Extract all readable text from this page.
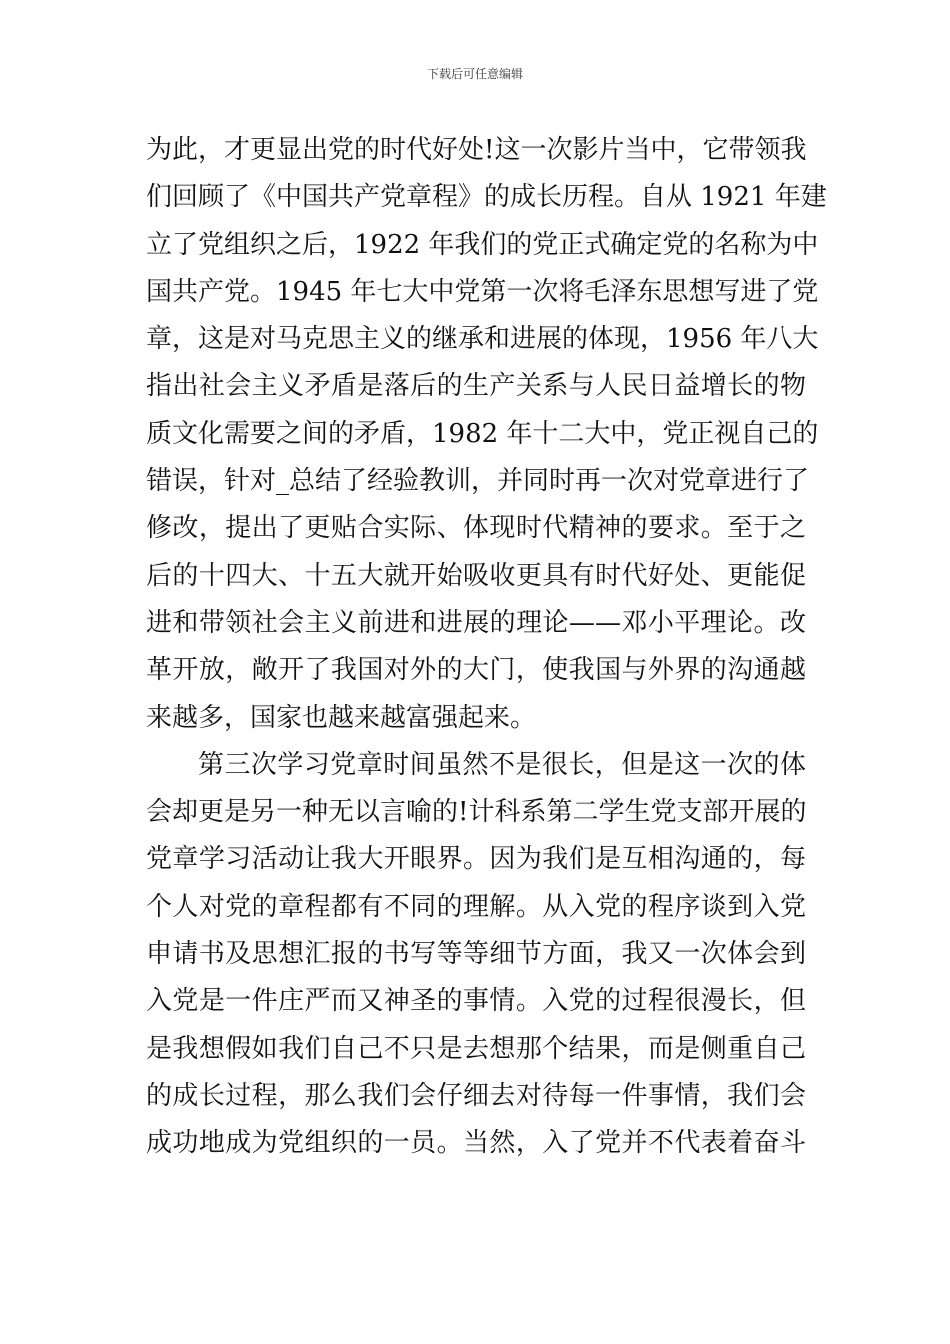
下载后可任意编辑
为此，才更显出党的时代好处!这一次影片当中，它带领我
们回顾了《中国共产党章程》的成长历程。自从 1921 年建
立了党组织之后，1922 年我们的党正式确定党的名称为中
国共产党。1945 年七大中党第一次将毛泽东思想写进了党
章，这是对马克思主义的继承和进展的体现，1956 年八大
指出社会主义矛盾是落后的生产关系与人民日益增长的物
质文化需要之间的矛盾，1982 年十二大中，党正视自己的
错误，针对_总结了经验教训，并同时再一次对党章进行了
修改，提出了更贴合实际、体现时代精神的要求。至于之
后的十四大、十五大就开始吸收更具有时代好处、更能促
进和带领社会主义前进和进展的理论——邓小平理论。改
革开放，敞开了我国对外的大门，使我国与外界的沟通越
来越多，国家也越来越富强起来。
第三次学习党章时间虽然不是很长，但是这一次的体
会却更是另一种无以言喻的!计科系第二学生党支部开展的
党章学习活动让我大开眼界。因为我们是互相沟通的，每
个人对党的章程都有不同的理解。从入党的程序谈到入党
申请书及思想汇报的书写等等细节方面，我又一次体会到
入党是一件庄严而又神圣的事情。入党的过程很漫长，但
是我想假如我们自己不只是去想那个结果，而是侧重自己
的成长过程，那么我们会仔细去对待每一件事情，我们会
成功地成为党组织的一员。当然，入了党并不代表着奋斗
